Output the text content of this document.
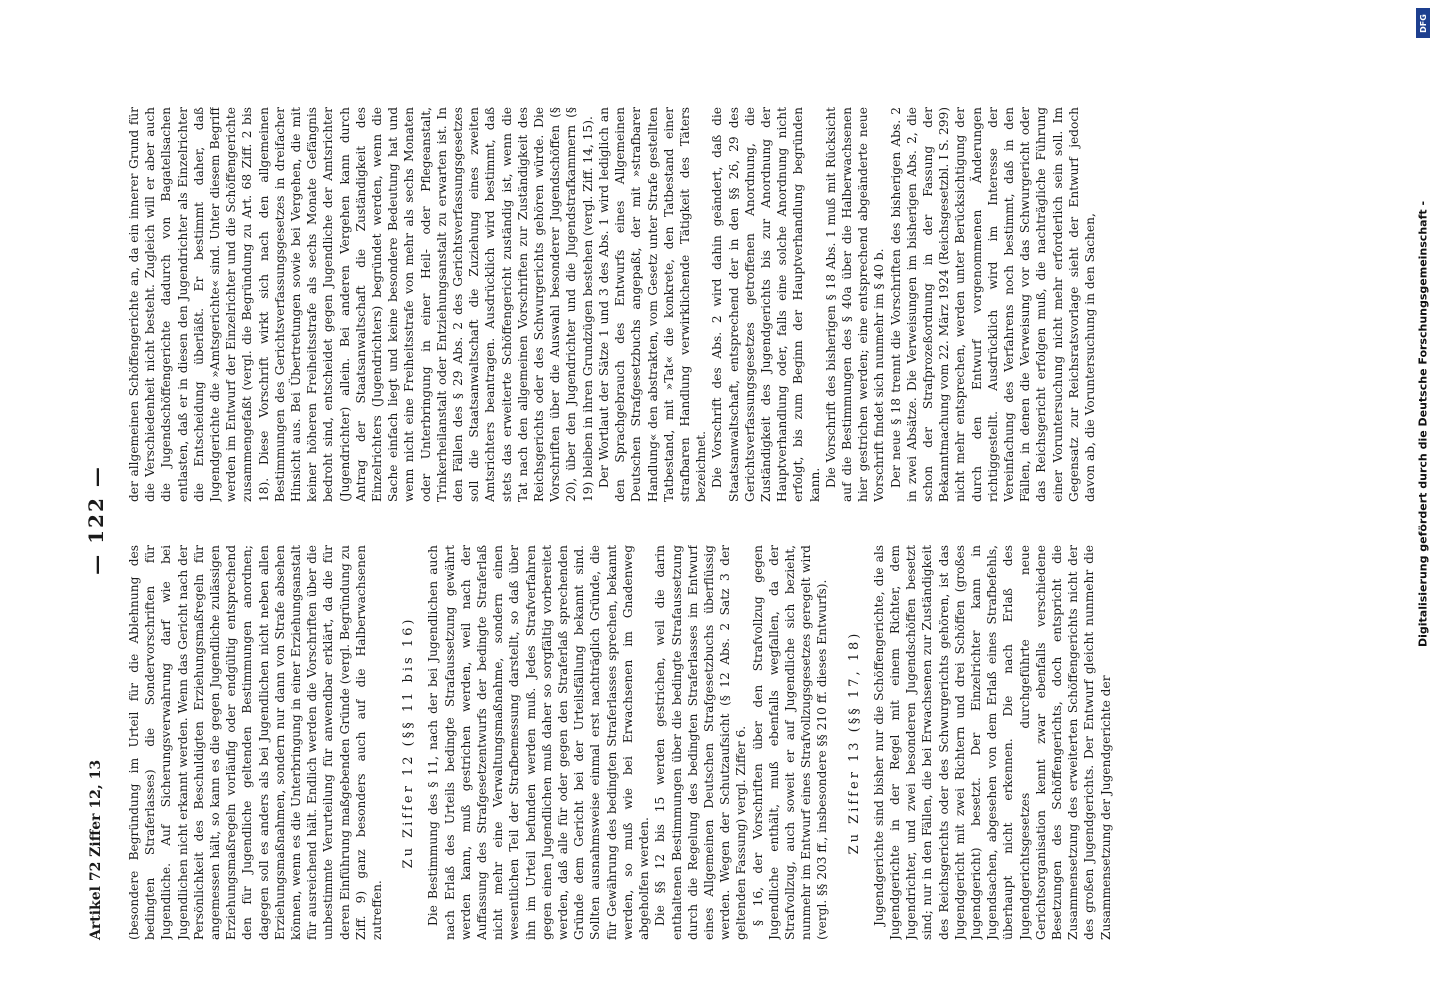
Artikel 72 Ziffer 12, 13
— 122 —

(besondere Begründung im Urteil für die Ablehnung des bedingten Straferlasses) die Sondervorschriften für Jugendliche. Auf Sicherungsverwahrung darf wie bei Jugendlichen nicht erkannt werden. Wenn das Gericht nach der Persönlichkeit des Beschuldigten Erziehungsmaßregeln für angemessen hält, so kann es die gegen Jugendliche zulässigen Erziehungsmaßregeln vorläufig oder endgültig entsprechend den für Jugendliche geltenden Bestimmungen anordnen; dagegen soll es anders als bei Jugendlichen nicht neben allen Erziehungsmaßnahmen, sondern nur dann von Strafe absehen können, wenn es die Unterbringung in einer Erziehungsanstalt für ausreichend hält. Endlich werden die Vorschriften über die unbestimmte Verurteilung für anwendbar erklärt, da die für deren Einführung maßgebenden Gründe (vergl. Begründung zu Ziff. 9) ganz besonders auch auf die Halberwachsenen zutreffen.

Zu Ziffer 12 (§§ 11 bis 16) Die Bestimmung des § 11, nach der bei Jugendlichen auch nach Erlaß des Urteils bedingte Strafaussetzung gewährt werden kann, muß gestrichen werden, weil nach der Auffassung des Strafgesetzentwurfs der bedingte Straferlaß nicht mehr eine Verwaltungsmaßnahme, sondern einen wesentlichen Teil der Strafbemessung darstellt, so daß über ihn im Urteil befunden werden muß. Jedes Strafverfahren gegen einen Jugendlichen muß daher so sorgfältig vorbereitet werden, daß alle für oder gegen den Straferlaß sprechenden Gründe dem Gericht bei der Urteilsfällung bekannt sind. Sollten ausnahmsweise einmal erst nachträglich Gründe, die für Gewährung des bedingten Straferlasses sprechen, bekannt werden, so muß wie bei Erwachsenen im Gnadenweg abgeholfen werden. Die §§ 12 bis 15 werden gestrichen, weil die darin enthaltenen Bestimmungen über die bedingte Strafaussetzung durch die Regelung des bedingten Straferlasses im Entwurf eines Allgemeinen Deutschen Strafgesetzbuchs überflüssig werden. Wegen der Schutzaufsicht (§ 12 Abs. 2 Satz 3 der geltenden Fassung) vergl. Ziffer 6. § 16, der Vorschriften über den Strafvollzug gegen Jugendliche enthält, muß ebenfalls wegfallen, da der Strafvollzug, auch soweit er auf Jugendliche sich bezieht, nunmehr im Entwurf eines Strafvollzugsgesetzes geregelt wird (vergl. §§ 203 ff., insbesondere §§ 210 ff. dieses Entwurfs). Zu Ziffer 13 (§§ 17, 18) Jugendgerichte sind bisher nur die Schöffengerichte, die als Jugendgerichte in der Regel mit einem Richter, dem Jugendrichter, und zwei besonderen Jugendschöffen besetzt sind; nur in den Fällen, die bei Erwachsenen zur Zuständigkeit des Reichsgerichts oder des Schwurgerichts gehören, ist das Jugendgericht mit zwei Richtern und drei Schöffen (großes Jugendgericht) besetzt. Der Einzelrichter kann in Jugendsachen, abgesehen von dem Erlaß eines Strafbefehls, überhaupt nicht erkennen. Die nach Erlaß des Jugendgerichtsgesetzes durchgeführte neue Gerichtsorganisation kennt zwar ebenfalls verschiedene Besetzungen des Schöffengerichts, doch entspricht die Zusammensetzung des erweiterten Schöffengerichts nicht der des großen Jugendgerichts. Der Entwurf gleicht nunmehr die Zusammensetzung der Jugendgerichte der

der allgemeinen Schöffengerichte an, da ein innerer Grund für die Verschiedenheit nicht besteht. Zugleich will er aber auch die Jugendschöffengerichte dadurch von Bagatellsachen entlasten, daß er in diesen den Jugendrichter als Einzelrichter die Entscheidung überläßt. Er bestimmt daher, daß Jugendgerichte die »Amtsgerichte« sind. Unter diesem Begriff werden im Entwurf der Einzelrichter und die Schöffengerichte zusammengefaßt (vergl. die Begründung zu Art. 68 Ziff. 2 bis 18). Diese Vorschrift wirkt sich nach den allgemeinen Bestimmungen des Gerichtsverfassungsgesetzes in dreifacher Hinsicht aus. Bei Übertretungen sowie bei Vergehen, die mit keiner höheren Freiheitsstrafe als sechs Monate Gefängnis bedroht sind, entscheidet gegen Jugendliche der Amtsrichter (Jugendrichter) allein. Bei anderen Vergehen kann durch Antrag der Staatsanwaltschaft die Zuständigkeit des Einzelrichters (Jugendrichters) begründet werden, wenn die Sache einfach liegt und keine besondere Bedeutung hat und wenn nicht eine Freiheitsstrafe von mehr als sechs Monaten oder Unterbringung in einer Heil- oder Pflegeanstalt, Trinkerheilanstalt oder Entziehungsanstalt zu erwarten ist. In den Fällen des § 29 Abs. 2 des Gerichtsverfassungsgesetzes soll die Staatsanwaltschaft die Zuziehung eines zweiten Amtsrichters beantragen. Ausdrücklich wird bestimmt, daß stets das erweiterte Schöffengericht zuständig ist, wenn die Tat nach den allgemeinen Vorschriften zur Zuständigkeit des Reichsgerichts oder des Schwurgerichts gehören würde. Die Vorschriften über die Auswahl besonderer Jugendschöffen (§ 20), über den Jugendrichter und die Jugendstrafkammern (§ 19) bleiben in ihren Grundzügen bestehen (vergl. Ziff. 14, 15). Der Wortlaut der Sätze 1 und 3 des Abs. 1 wird lediglich an den Sprachgebrauch des Entwurfs eines Allgemeinen Deutschen Strafgesetzbuchs angepaßt, der mit »strafbarer Handlung« den abstrakten, vom Gesetz unter Strafe gestellten Tatbestand, mit »Tat« die konkrete, den Tatbestand einer strafbaren Handlung verwirklichende Tätigkeit des Täters bezeichnet. Die Vorschrift des Abs. 2 wird dahin geändert, daß die Staatsanwaltschaft, entsprechend der in den §§ 26, 29 des Gerichtsverfassungsgesetzes getroffenen Anordnung, die Zuständigkeit des Jugendgerichts bis zur Anordnung der Hauptverhandlung oder, falls eine solche Anordnung nicht erfolgt, bis zum Beginn der Hauptverhandlung begründen kann. Die Vorschrift des bisherigen § 18 Abs. 1 muß mit Rücksicht auf die Bestimmungen des § 40a über die Halberwachsenen hier gestrichen werden; eine entsprechend abgeänderte neue Vorschrift findet sich nunmehr im § 40 b. Der neue § 18 trennt die Vorschriften des bisherigen Abs. 2 in zwei Absätze. Die Verweisungen im bisherigen Abs. 2, die schon der Strafprozeßordnung in der Fassung der Bekanntmachung vom 22. März 1924 (Reichsgesetzbl. I S. 299) nicht mehr entsprechen, werden unter Berücksichtigung der durch den Entwurf vorgenommenen Änderungen richtiggestellt. Ausdrücklich wird im Interesse der Vereinfachung des Verfahrens noch bestimmt, daß in den Fällen, in denen die Verweisung vor das Schwurgericht oder das Reichsgericht erfolgen muß, die nachträgliche Führung einer Voruntersuchung nicht mehr erforderlich sein soll. Im Gegensatz zur Reichsratsvorlage sieht der Entwurf jedoch davon ab, die Voruntersuchung in den Sachen,

DFG
Digitalisierung gefördert durch die Deutsche Forschungsgemeinschaft -
